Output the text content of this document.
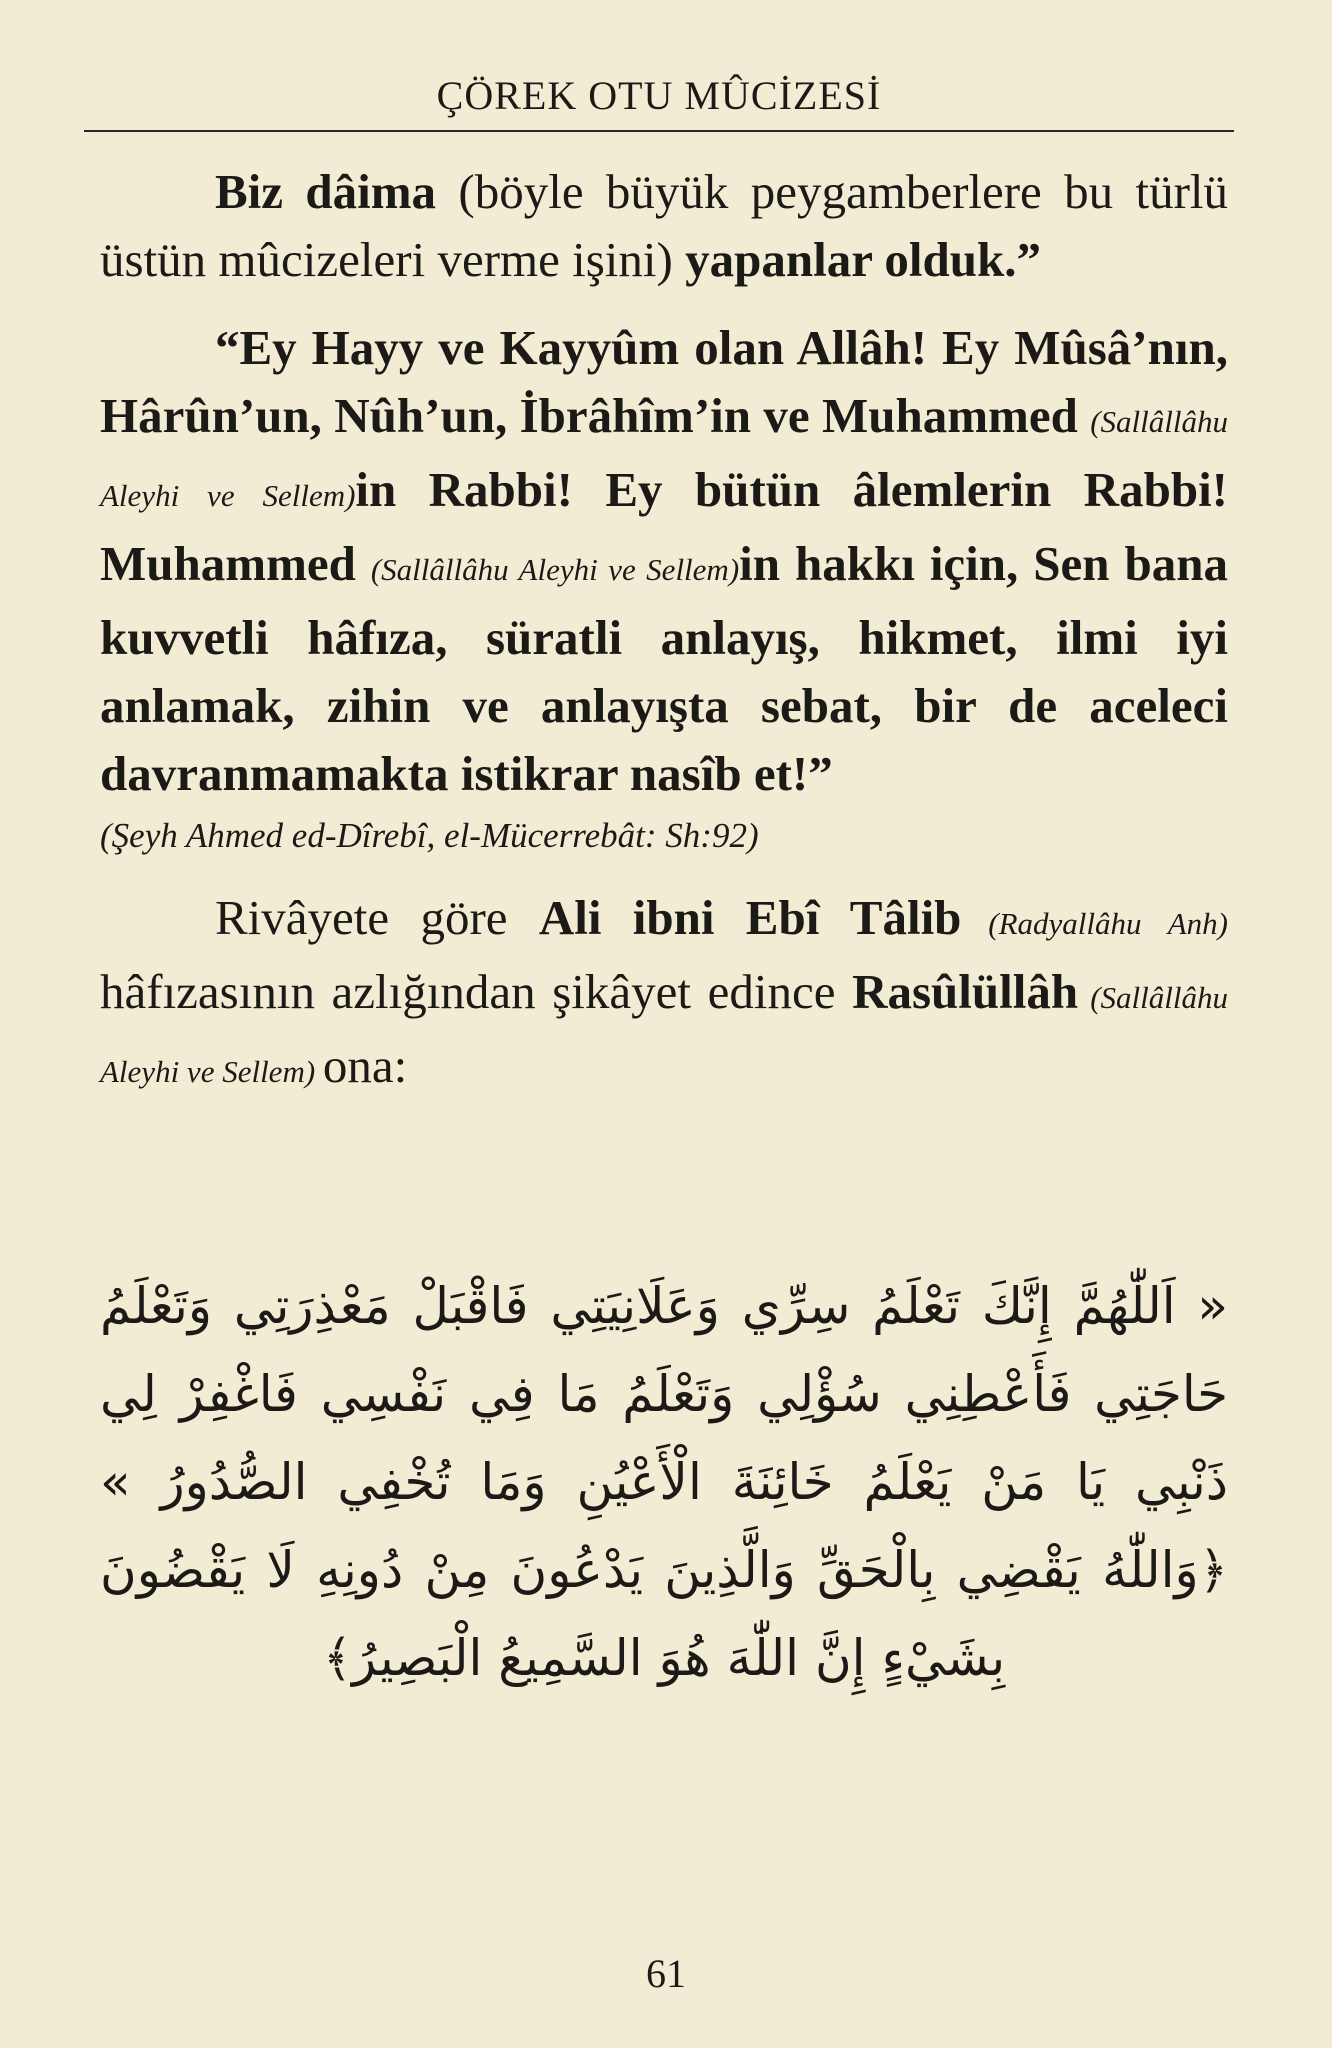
ÇÖREK OTU MÛCİZESİ

Biz dâima (böyle büyük peygamberlere bu türlü üstün mûcizeleri verme işini) yapanlar olduk.”

“Ey Hayy ve Kayyûm olan Allâh! Ey Mûsâ’nın, Hârûn’un, Nûh’un, İbrâhîm’in ve Muhammed (Sallâllâhu Aleyhi ve Sellem)in Rabbi! Ey bütün âlemlerin Rabbi! Muhammed (Sallâllâhu Aleyhi ve Sellem)in hakkı için, Sen bana kuvvetli hâfıza, süratli anlayış, hikmet, ilmi iyi anlamak, zihin ve anlayışta sebat, bir de aceleci davranmamakta istikrar nasîb et!”

(Şeyh Ahmed ed-Dîrebî, el-Mücerrebât: Sh:92)

Rivâyete göre Ali ibni Ebî Tâlib (Radyallâhu Anh) hâfızasının azlığından şikâyet edince Rasûlüllâh (Sallâllâhu Aleyhi ve Sellem) ona:

« اَللّٰهُمَّ إِنَّكَ تَعْلَمُ سِرِّي وَعَلَانِيَتِي فَاقْبَلْ مَعْذِرَتِي وَتَعْلَمُ
حَاجَتِي فَأَعْطِنِي سُؤْلِي وَتَعْلَمُ مَا فِي نَفْسِي فَاغْفِرْ لِي
ذَنْبِي يَا مَنْ يَعْلَمُ خَائِنَةَ الْأَعْيُنِ وَمَا تُخْفِي الصُّدُورُ »
﴿وَاللّٰهُ يَقْضِي بِالْحَقِّ وَالَّذِينَ يَدْعُونَ مِنْ دُونِهِ لَا يَقْضُونَ
بِشَيْءٍ إِنَّ اللّٰهَ هُوَ السَّمِيعُ الْبَصِيرُ﴾
61
